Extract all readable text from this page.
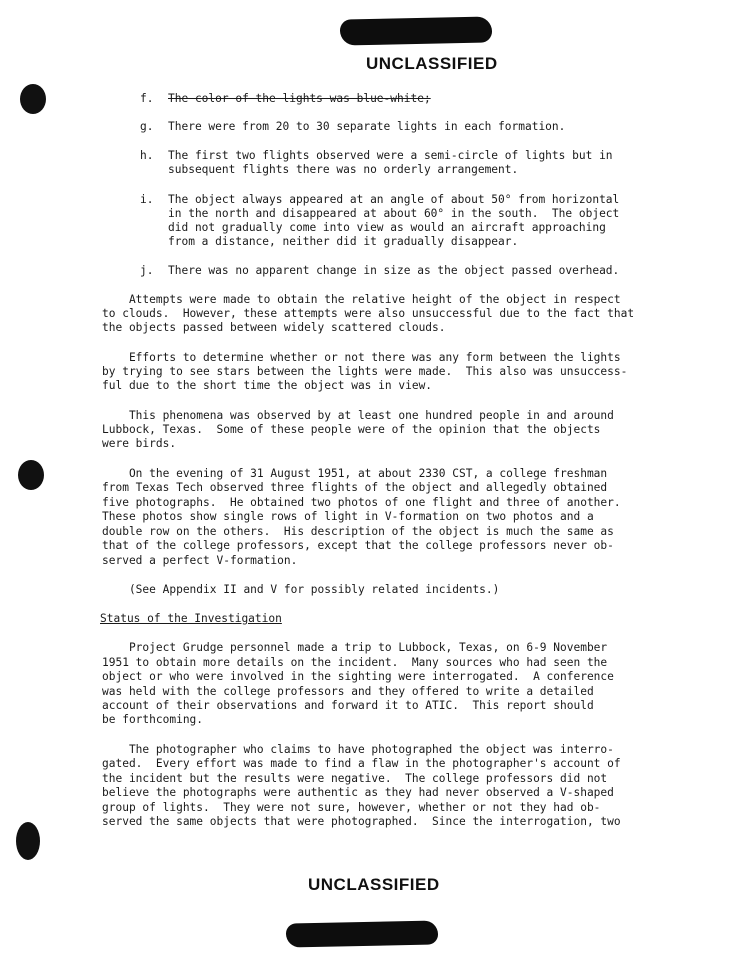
UNCLASSIFIED
f. The color of the lights was blue-white;
g. There were from 20 to 30 separate lights in each formation.
h. The first two flights observed were a semi-circle of lights but in
subsequent flights there was no orderly arrangement.
i. The object always appeared at an angle of about 50° from horizontal
in the north and disappeared at about 60° in the south.  The object
did not gradually come into view as would an aircraft approaching
from a distance, neither did it gradually disappear.
j. There was no apparent change in size as the object passed overhead.
Attempts were made to obtain the relative height of the object in respect
to clouds.  However, these attempts were also unsuccessful due to the fact that
the objects passed between widely scattered clouds.
Efforts to determine whether or not there was any form between the lights
by trying to see stars between the lights were made.  This also was unsuccess-
ful due to the short time the object was in view.
This phenomena was observed by at least one hundred people in and around
Lubbock, Texas.  Some of these people were of the opinion that the objects
were birds.
On the evening of 31 August 1951, at about 2330 CST, a college freshman
from Texas Tech observed three flights of the object and allegedly obtained
five photographs.  He obtained two photos of one flight and three of another.
These photos show single rows of light in V-formation on two photos and a
double row on the others.  His description of the object is much the same as
that of the college professors, except that the college professors never ob-
served a perfect V-formation.
(See Appendix II and V for possibly related incidents.)
Status of the Investigation
Project Grudge personnel made a trip to Lubbock, Texas, on 6-9 November
1951 to obtain more details on the incident.  Many sources who had seen the
object or who were involved in the sighting were interrogated.  A conference
was held with the college professors and they offered to write a detailed
account of their observations and forward it to ATIC.  This report should
be forthcoming.
The photographer who claims to have photographed the object was interro-
gated.  Every effort was made to find a flaw in the photographer's account of
the incident but the results were negative.  The college professors did not
believe the photographs were authentic as they had never observed a V-shaped
group of lights.  They were not sure, however, whether or not they had ob-
served the same objects that were photographed.  Since the interrogation, two
UNCLASSIFIED
